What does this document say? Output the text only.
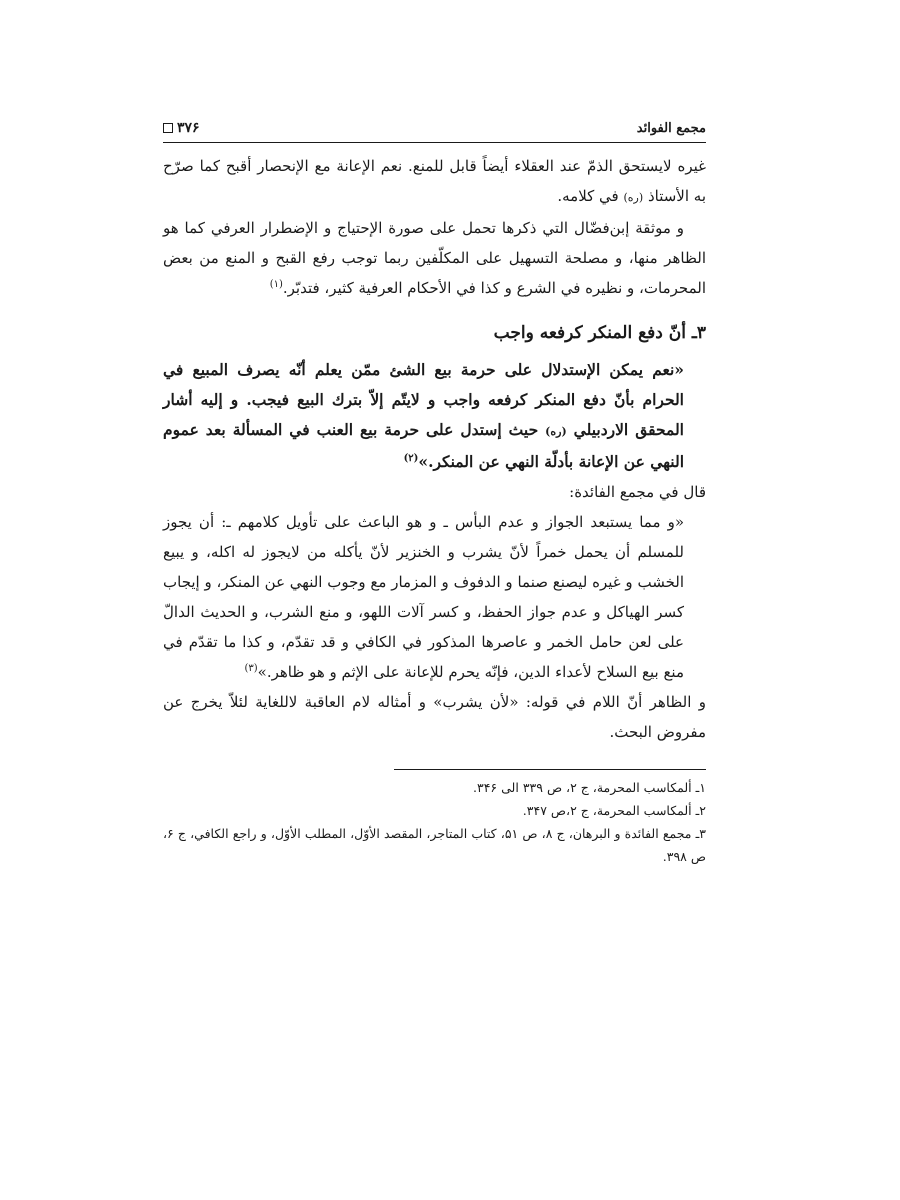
مجمع الفوائد
۳۷۶

غيره لايستحق الذمّ عند العقلاء أيضاً قابل للمنع. نعم الإعانة مع الإنحصار أقبح كما صرّح به الأستاذ (ره) في كلامه.

و موثقة إبن‌فضّال التي ذكرها تحمل على صورة الإحتياج و الإضطرار العرفي كما هو الظاهر منها، و مصلحة التسهيل على المكلّفين ربما توجب رفع القبح و المنع من بعض المحرمات، و نظيره في الشرع و كذا في الأحكام العرفية كثير، فتدبّر.$^{(۱)}$

۳ـ أنّ دفع المنكر كرفعه واجب

«نعم يمكن الإستدلال على حرمة بيع الشئ ممّن يعلم أنّه يصرف المبيع في الحرام بأنّ دفع المنكر كرفعه واجب و لايتّم إلاّ بترك البيع فيجب. و إليه أشار المحقق الاردبيلي (ره) حيث إستدل على حرمة بيع العنب في المسألة بعد عموم النهي عن الإعانة بأدلّة النهي عن المنكر.»$^{(۲)}$

قال في مجمع الفائدة:

«و مما يستبعد الجواز و عدم البأس ـ و هو الباعث على تأويل كلامهم ـ: أن يجوز للمسلم أن يحمل خمراً لأنّ يشرب و الخنزير لأنّ يأكله من لايجوز له اكله، و يبيع الخشب و غيره ليصنع صنما و الدفوف و المزمار مع وجوب النهي عن المنكر، و إيجاب كسر الهياكل و عدم جواز الحفظ، و كسر آلات اللهو، و منع الشرب، و الحديث الدالّ على لعن حامل الخمر و عاصرها المذكور في الكافي و قد تقدّم، و كذا ما تقدّم في منع بيع السلاح لأعداء الدين، فإنّه يحرم للإعانة على الإثم و هو ظاهر.»$^{(۳)}$

و الظاهر أنّ اللام في قوله: «لأن يشرب» و أمثاله لام العاقبة لاللغاية لئلاّ يخرج عن مفروض البحث.

۱ـ ألمكاسب المحرمة، ج ۲، ص ۳۳۹ الى ۳۴۶.

۲ـ ألمكاسب المحرمة، ج ۲،ص ۳۴۷.

۳ـ مجمع الفائدة و البرهان، ج ۸، ص ۵۱، كتاب المتاجر، المقصد الأوّل، المطلب الأوّل، و راجع الكافي، ج ۶، ص ۳۹۸.
